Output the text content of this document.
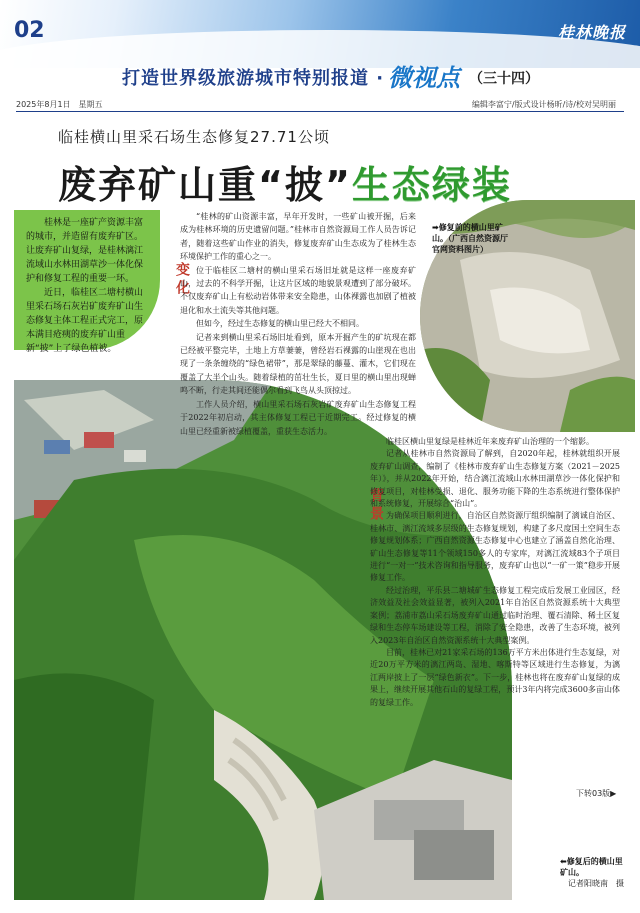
02	桂林晚报
打造世界级旅游城市特别报道 · 微视点 （三十四）
2025年8月1日　星期五	编辑李富宁/版式设计杨昕/诗/校对吴明丽
临桂横山里采石场生态修复27.71公顷
废弃矿山重“披”生态绿装

桂林是一座矿产资源丰富的城市，并造留有废弃矿区。让废弃矿山复绿，是桂林漓江流域山水林田湖草沙一体化保护和修复工程的重要一环。

近日，临桂区二塘村横山里采石场石灰岩矿废弃矿山生态修复主体工程正式完工，原本满目疮痍的废弃矿山重新“披”上了绿色植被。

➡修复前的横山里矿山。（广西自然资源厅官网资料图片）
变化

“桂林的矿山资源丰富，早年开发时，一些矿山被开掘，后来成为桂林环境的历史遗留问题。”桂林市自然资源局工作人员告诉记者，随着这些矿山作业的消失，修复废弃矿山生态成为了桂林生态环境保护工作的重心之一。

位于临桂区二塘村的横山里采石场旧址就是这样一座废弃矿山，过去的不科学开掘，让这片区域的地貌景观遭到了部分破坏。不仅废弃矿山上有松动岩体带来安全隐患，山体裸露也加剧了植被退化和水土流失等其他问题。

但如今，经过生态修复的横山里已经大不相同。

记者来到横山里采石场旧址看到，原本开掘产生的矿坑现在都已经被平整完毕，土地上方草萋萋，曾经岩石裸露的山崖现在也出现了一条条缠绕的“绿色裙带”，那是翠绿的藤蔓、灌木，它们现在覆盖了大半个山头。随着绿植的茁壮生长，夏日里的横山里出现蝉鸣不断，行走其间还能偶尔看到飞鸟从头顶掠过。

工作人员介绍，横山里采石场石灰岩矿废弃矿山生态修复工程于2022年初启动，其主体修复工程已于近期完工。经过修复的横山里已经重新被绿植覆盖，重获生态活力。

背景

临桂区横山里复绿是桂林近年来废弃矿山治理的一个缩影。

记者从桂林市自然资源局了解到，自2020年起，桂林就组织开展废弃矿山调查，编制了《桂林市废弃矿山生态修复方案（2021－2025年）》，并从2022年开始，结合漓江流域山水林田湖草沙一体化保护和修复项目，对桂林受损、退化、服务功能下降的生态系统进行整体保护和系统修复，开展综合“治山”。

为确保项目顺利进行，自治区自然资源厅组织编制了漓诚自治区、桂林市、漓江流域多层级的生态修复规划，构建了多尺度国土空间生态修复规划体系；广西自然资源生态修复中心也建立了涵盖自然化治理、矿山生态修复等11个领域150多人的专家库，对漓江流域83个子项目进行“一对一”技术咨询和指导服务，废弃矿山也以“一矿一策”稳步开展修复工作。

经过治理，平乐县二塘城矿生态修复工程完成后发展工业园区，经济效益及社会效益显著，被列入2021年自治区自然资源系统十大典型案例；荔浦市荔山采石场废弃矿山通过临时治理、覆石清除、稀土区复绿和生态停车场建设等工程，消除了安全隐患，改善了生态环境，被列入2023年自治区自然资源系统十大典型案例。

目前，桂林已对21家采石场的136万平方米出体进行生态复绿，对近20万平方米的漓江两岛、湿地、喀斯特等区域进行生态修复，为漓江两岸披上了一层“绿色新衣”。下一步，桂林也将在废弃矿山复绿的成果上，继续开展其他石山的复绿工程，预计3年内将完成3600多亩山体的复绿工作。

下转03版▶
⬅修复后的横山里矿山。
记者阳晓南　摄
